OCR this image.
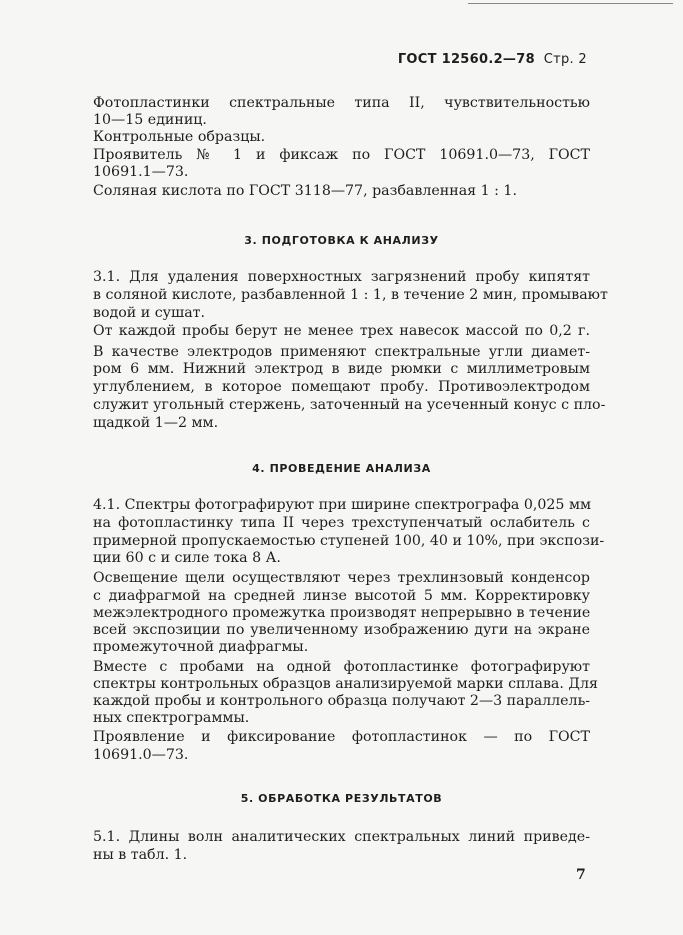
ГОСТ 12560.2—78 Стр. 2
Фотопластинки спектральные типа II, чувствительностью
10—15 единиц.
Контрольные образцы.
Проявитель № 1 и фиксаж по ГОСТ 10691.0—73, ГОСТ
10691.1—73.
Соляная кислота по ГОСТ 3118—77, разбавленная 1 : 1.
3. ПОДГОТОВКА К АНАЛИЗУ
3.1. Для удаления поверхностных загрязнений пробу кипятят
в соляной кислоте, разбавленной 1 : 1, в течение 2 мин, промывают
водой и сушат.
От каждой пробы берут не менее трех навесок массой по 0,2 г.
В качестве электродов применяют спектральные угли диамет-
ром 6 мм. Нижний электрод в виде рюмки с миллиметровым
углублением, в которое помещают пробу. Противоэлектродом
служит угольный стержень, заточенный на усеченный конус с пло-
щадкой 1—2 мм.
4. ПРОВЕДЕНИЕ АНАЛИЗА
4.1. Спектры фотографируют при ширине спектрографа 0,025 мм
на фотопластинку типа II через трехступенчатый ослабитель с
примерной пропускаемостью ступеней 100, 40 и 10%, при экспози-
ции 60 с и силе тока 8 А.
Освещение щели осуществляют через трехлинзовый конденсор
с диафрагмой на средней линзе высотой 5 мм. Корректировку
межэлектродного промежутка производят непрерывно в течение
всей экспозиции по увеличенному изображению дуги на экране
промежуточной диафрагмы.
Вместе с пробами на одной фотопластинке фотографируют
спектры контрольных образцов анализируемой марки сплава. Для
каждой пробы и контрольного образца получают 2—3 параллель-
ных спектрограммы.
Проявление и фиксирование фотопластинок — по ГОСТ
10691.0—73.
5. ОБРАБОТКА РЕЗУЛЬТАТОВ
5.1. Длины волн аналитических спектральных линий приведе-
ны в табл. 1.
7
